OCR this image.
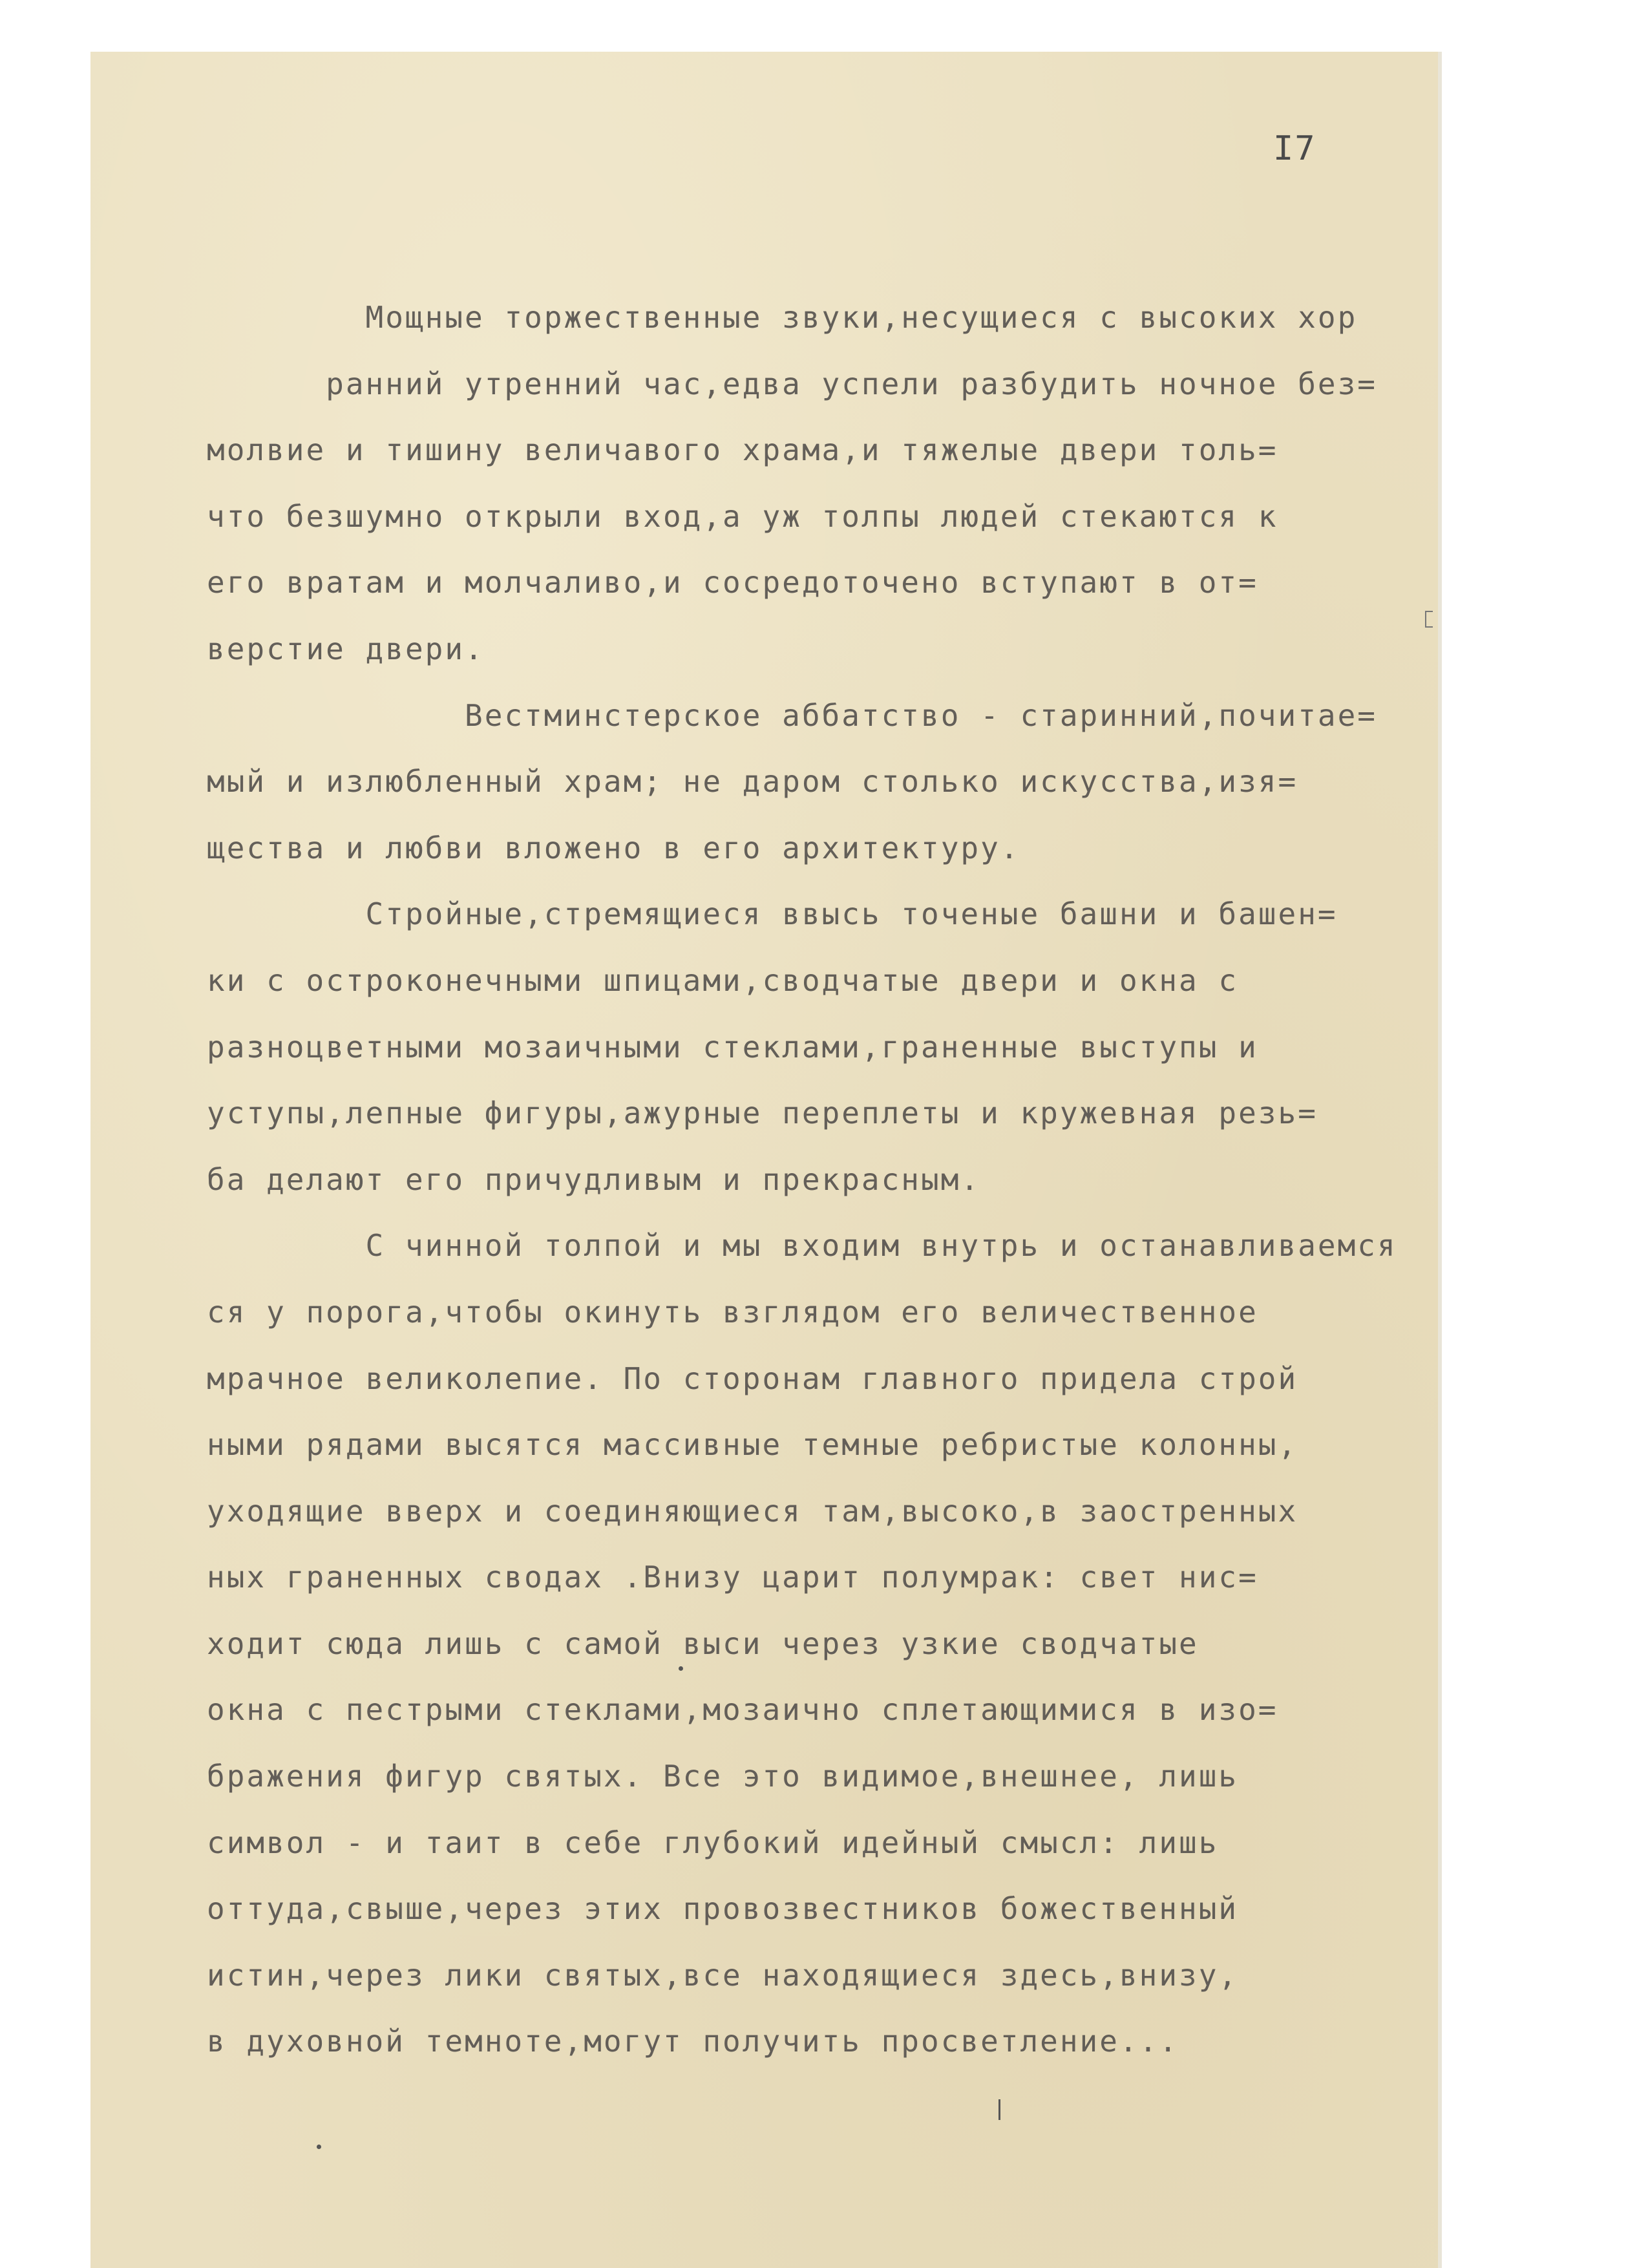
I7
Мощные торжественные звуки,несущиеся с высоких хор
ранний утренний час,едва успели разбудить ночное без=
молвие и тишину величавого храма,и тяжелые двери толь=
что безшумно открыли вход,а уж толпы людей стекаются к
его вратам и молчаливо,и сосредоточено вступают в от=
верстие двери.
Вестминстерское аббатство - старинний,почитае=
мый и излюбленный храм; не даром столько искусства,изя=
щества и любви вложено в его архитектуру.
Стройные,стремящиеся ввысь точеные башни и башен=
ки с остроконечными шпицами,сводчатые двери и окна с
разноцветными мозаичными стеклами,граненные выступы и
уступы,лепные фигуры,ажурные переплеты и кружевная резь=
ба делают его причудливым и прекрасным.
С чинной толпой и мы входим внутрь и останавливаемся
ся у порога,чтобы окинуть взглядом его величественное
мрачное великолепие. По сторонам главного придела строй
ными рядами высятся массивные темные ребристые колонны,
уходящие вверх и соединяющиеся там,высоко,в заостренных
ных граненных сводах .Внизу царит полумрак: свет нис=
ходит сюда лишь с самой выси через узкие сводчатые
окна с пестрыми стеклами,мозаично сплетающимися в изо=
бражения фигур святых. Все это видимое,внешнее, лишь
символ - и таит в себе глубокий идейный смысл: лишь
оттуда,свыше,через этих провозвестников божественный
истин,через лики святых,все находящиеся здесь,внизу,
в духовной темноте,могут получить просветление...
